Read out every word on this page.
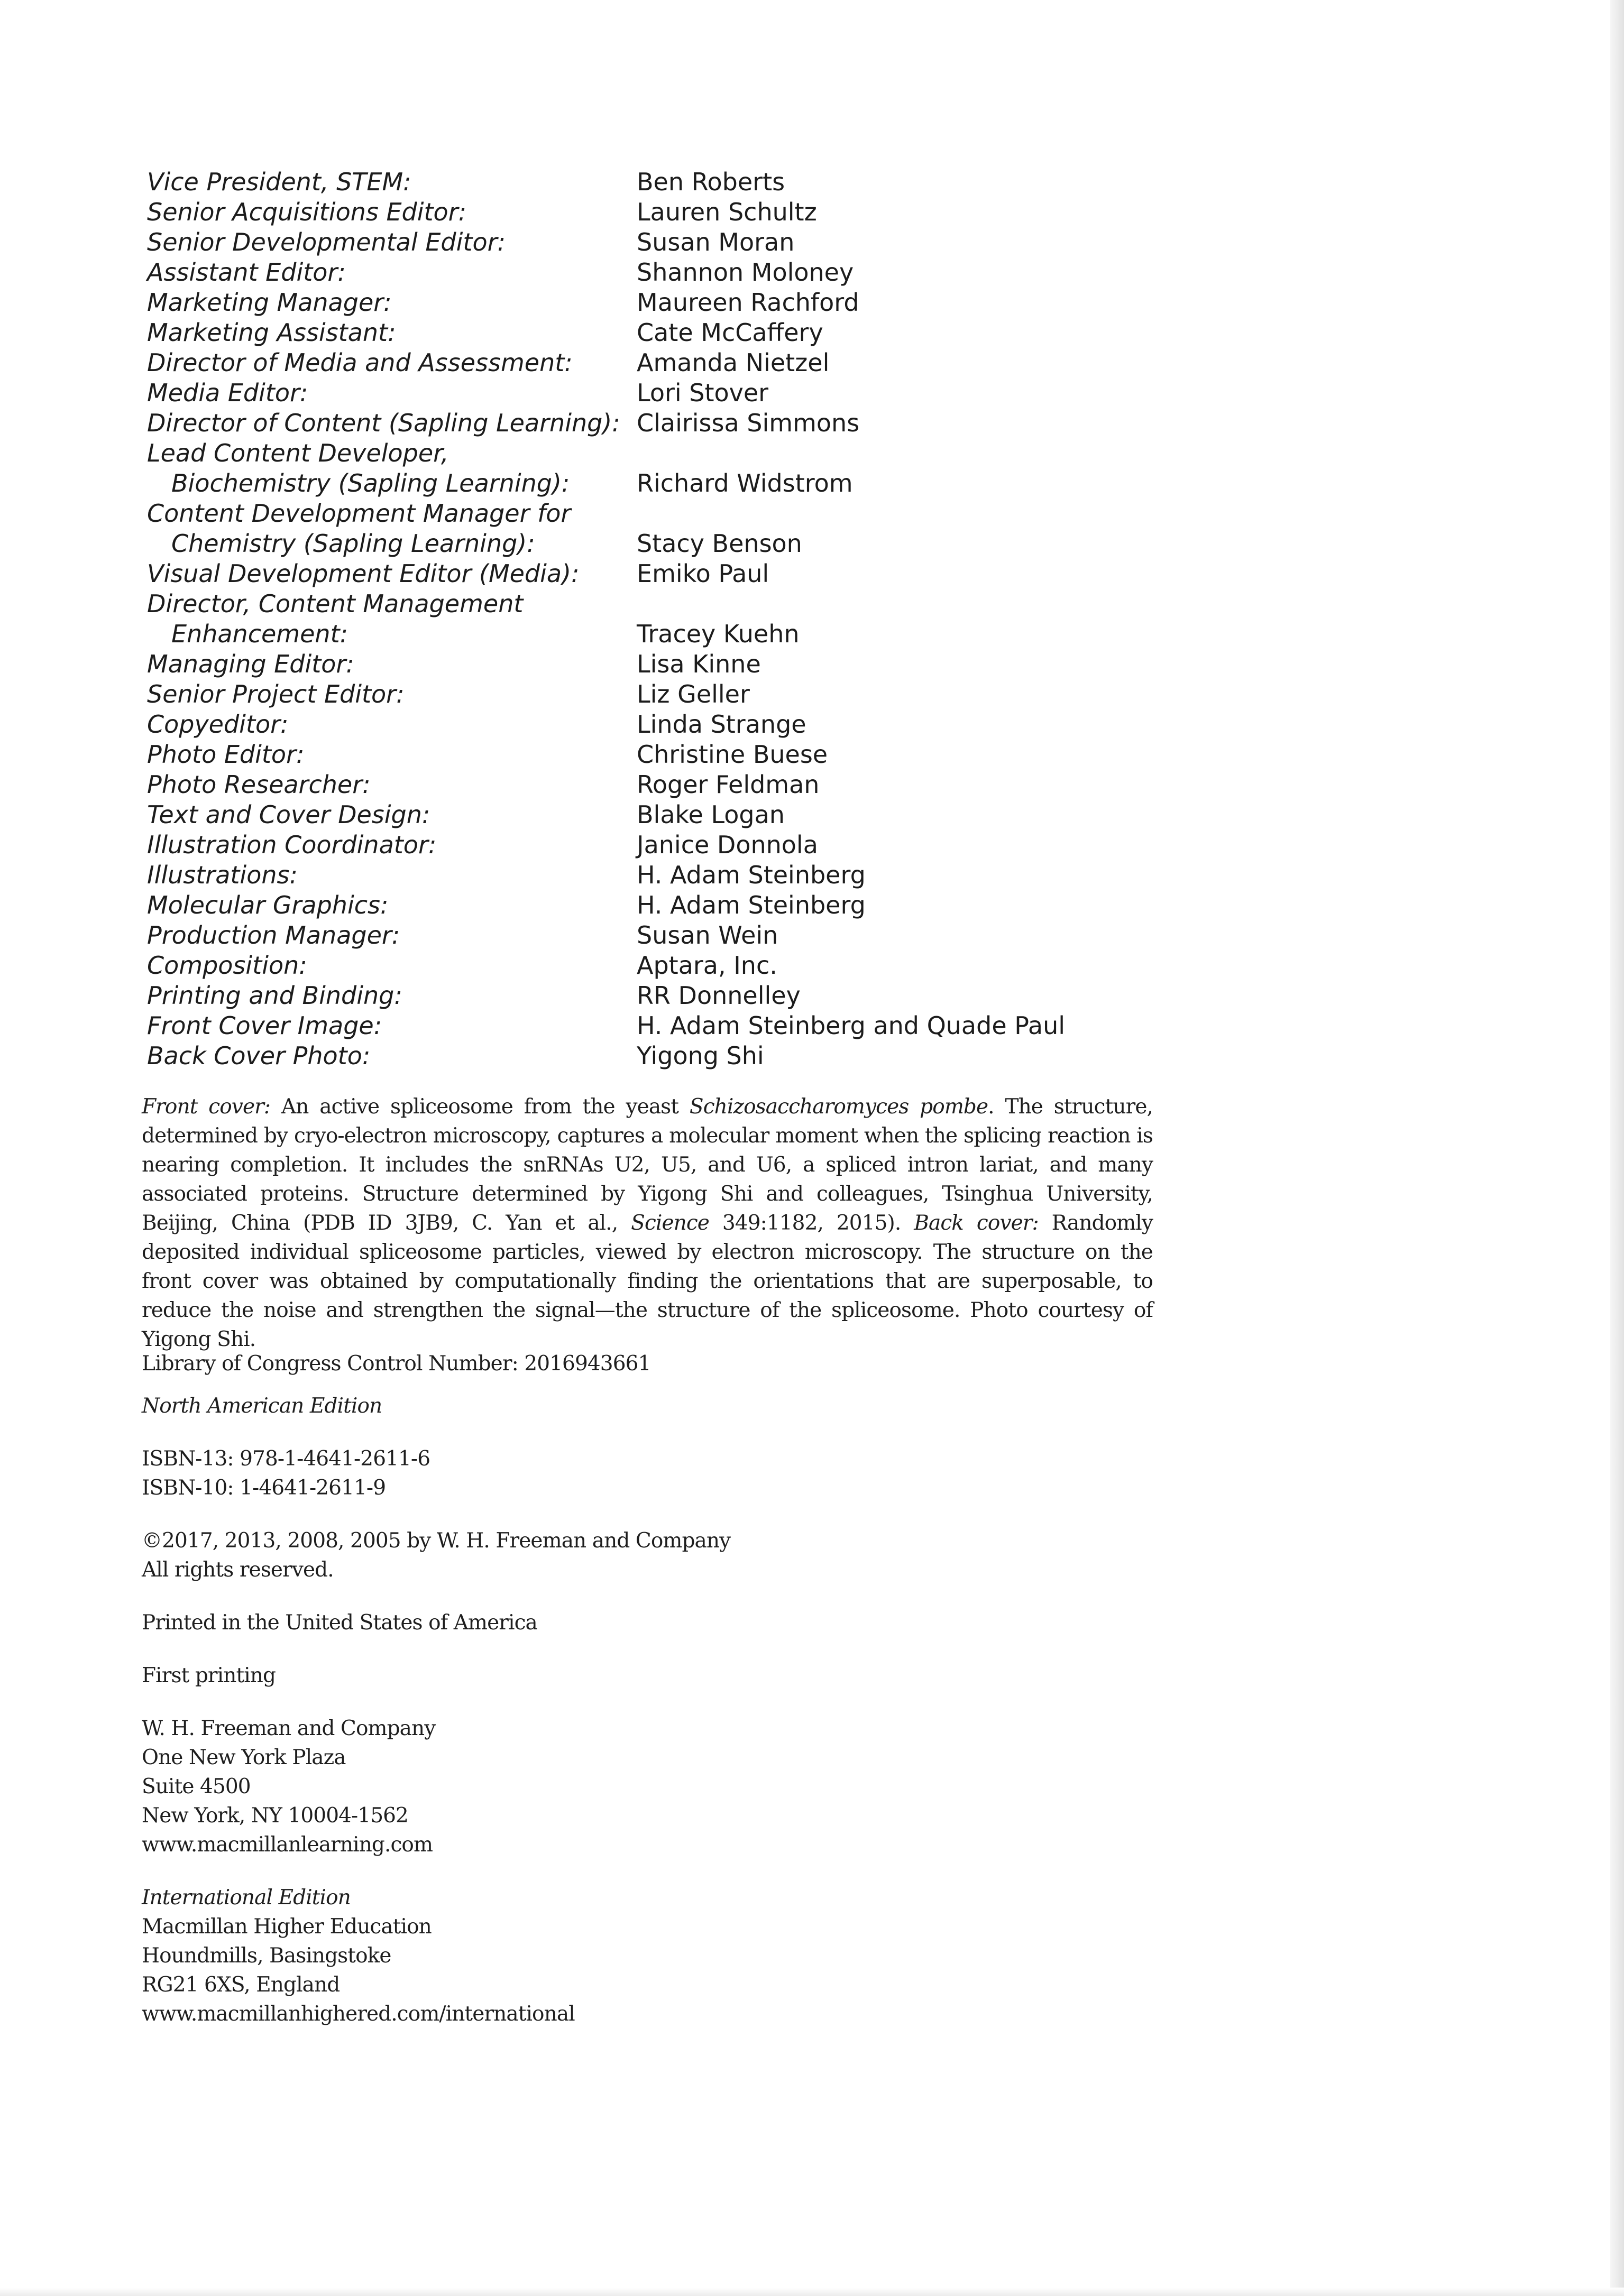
Vice President, STEM:	Ben Roberts
Senior Acquisitions Editor:	Lauren Schultz
Senior Developmental Editor:	Susan Moran
Assistant Editor:	Shannon Moloney
Marketing Manager:	Maureen Rachford
Marketing Assistant:	Cate McCaffery
Director of Media and Assessment:	Amanda Nietzel
Media Editor:	Lori Stover
Director of Content (Sapling Learning): Clairissa Simmons
Lead Content Developer,
Biochemistry (Sapling Learning):	Richard Widstrom
Content Development Manager for
Chemistry (Sapling Learning):	Stacy Benson
Visual Development Editor (Media): Emiko Paul
Director, Content Management
Enhancement:	Tracey Kuehn
Managing Editor:	Lisa Kinne
Senior Project Editor:	Liz Geller
Copyeditor:	Linda Strange
Photo Editor:	Christine Buese
Photo Researcher:	Roger Feldman
Text and Cover Design:	Blake Logan
Illustration Coordinator:	Janice Donnola
Illustrations:	H. Adam Steinberg
Molecular Graphics:	H. Adam Steinberg
Production Manager:	Susan Wein
Composition:	Aptara, Inc.
Printing and Binding:	RR Donnelley
Front Cover Image:	H. Adam Steinberg and Quade Paul
Back Cover Photo:	Yigong Shi

Front cover: An active spliceosome from the yeast Schizosaccharomyces pombe. The structure, determined by cryo-electron microscopy, captures a molecular moment when the splicing reaction is nearing completion. It includes the snRNAs U2, U5, and U6, a spliced intron lariat, and many associated proteins. Structure determined by Yigong Shi and colleagues, Tsinghua University, Beijing, China (PDB ID 3JB9, C. Yan et al., Science 349:1182, 2015). Back cover: Randomly deposited individual spliceosome particles, viewed by electron microscopy. The structure on the front cover was obtained by computationally finding the orientations that are superposable, to reduce the noise and strengthen the signal—the structure of the spliceosome. Photo courtesy of Yigong Shi.

Library of Congress Control Number: 2016943661
North American Edition
ISBN-13: 978-1-4641-2611-6
ISBN-10: 1-4641-2611-9
©2017, 2013, 2008, 2005 by W. H. Freeman and Company
All rights reserved.
Printed in the United States of America
First printing
W. H. Freeman and Company
One New York Plaza
Suite 4500
New York, NY 10004-1562
www.macmillanlearning.com
International Edition
Macmillan Higher Education
Houndmills, Basingstoke
RG21 6XS, England
www.macmillanhighered.com/international
